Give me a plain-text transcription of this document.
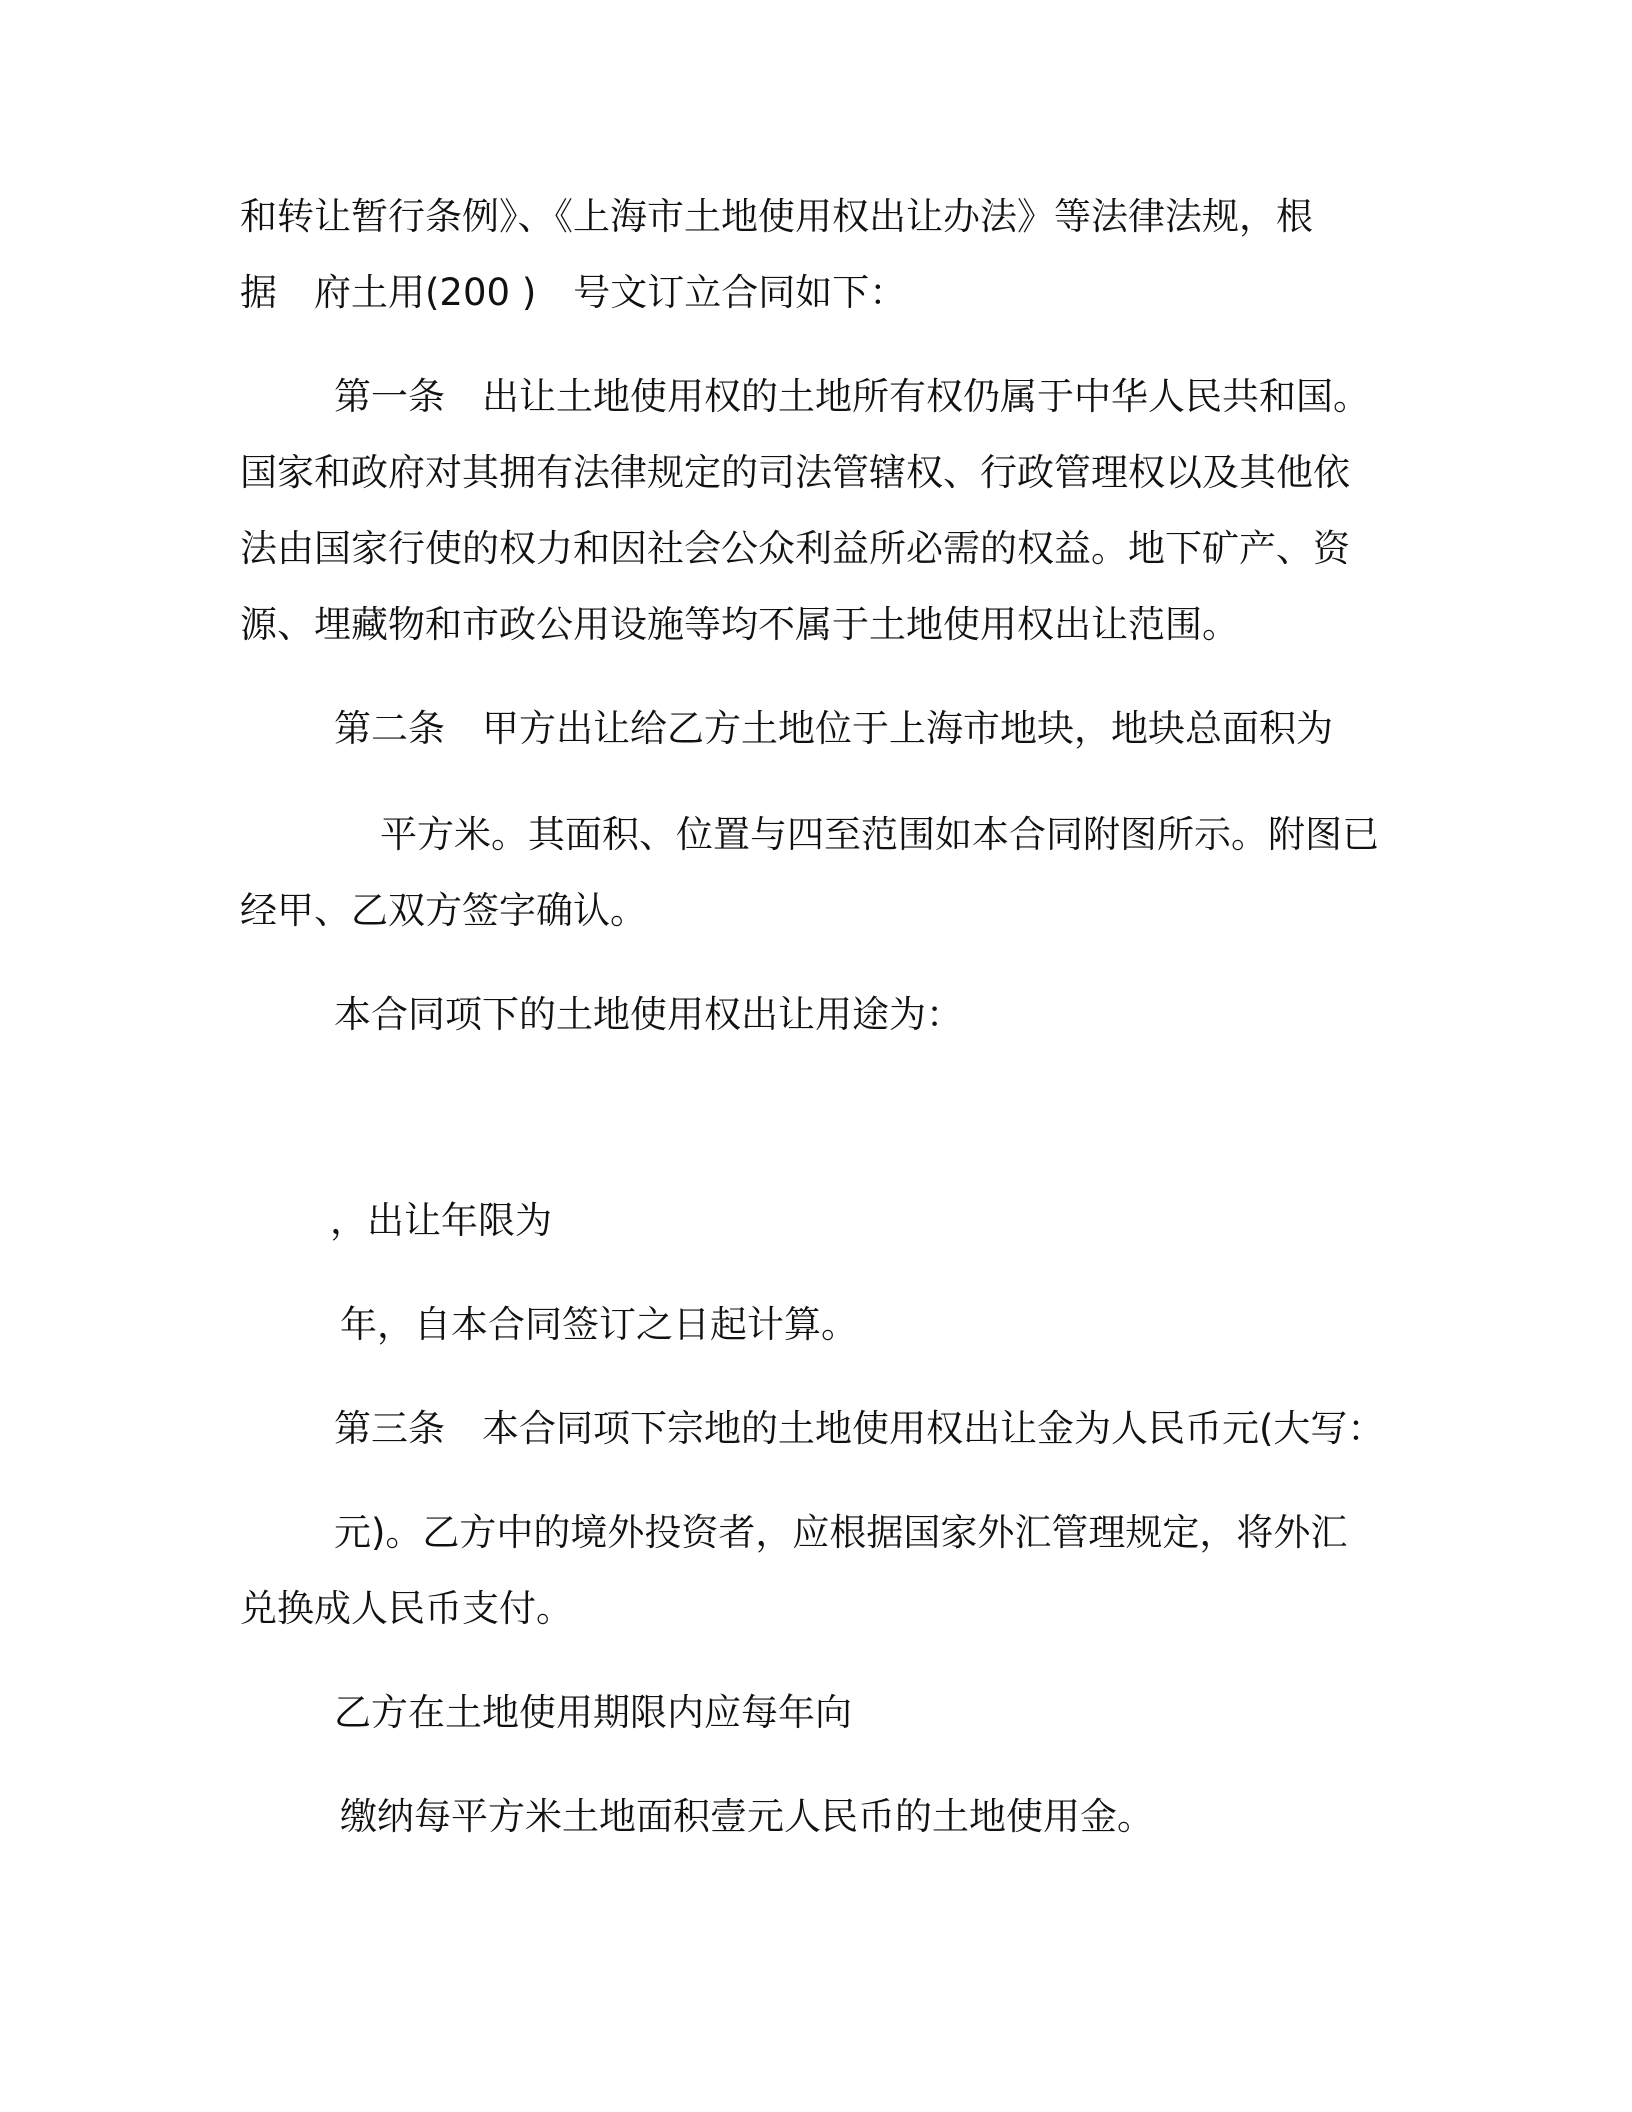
和转让暂行条例》、《上海市土地使用权出让办法》等法律法规，根
据　府土用(200 )　号文订立合同如下：
第一条　出让土地使用权的土地所有权仍属于中华人民共和国。
国家和政府对其拥有法律规定的司法管辖权、行政管理权以及其他依
法由国家行使的权力和因社会公众利益所必需的权益。地下矿产、资
源、埋藏物和市政公用设施等均不属于土地使用权出让范围。
第二条　甲方出让给乙方土地位于上海市地块，地块总面积为
平方米。其面积、位置与四至范围如本合同附图所示。附图已
经甲、乙双方签字确认。
本合同项下的土地使用权出让用途为：
，出让年限为
年，自本合同签订之日起计算。
第三条　本合同项下宗地的土地使用权出让金为人民币元(大写：
元)。乙方中的境外投资者，应根据国家外汇管理规定，将外汇
兑换成人民币支付。
乙方在土地使用期限内应每年向
缴纳每平方米土地面积壹元人民币的土地使用金。
